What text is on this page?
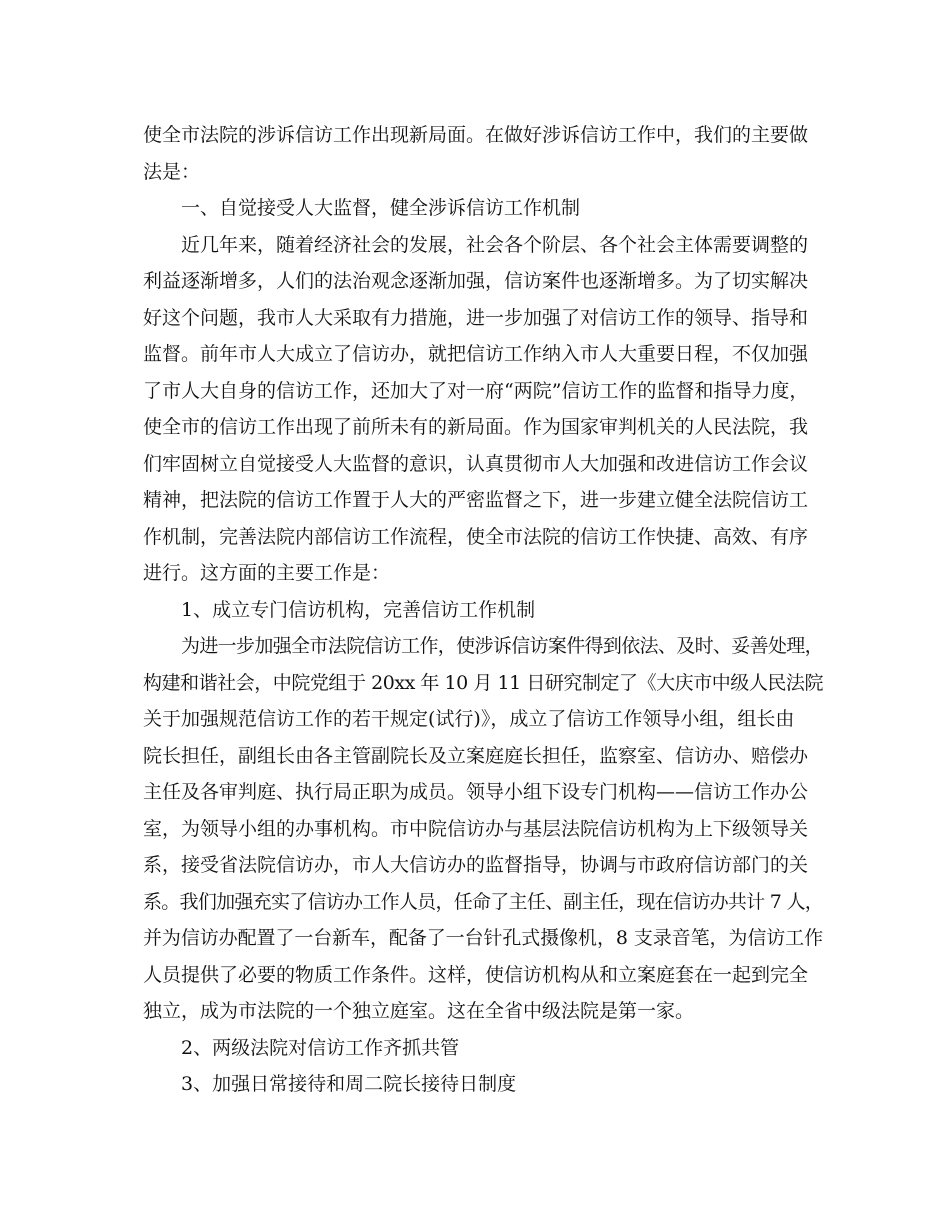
使全市法院的涉诉信访工作出现新局面。在做好涉诉信访工作中，我们的主要做
法是：
一、自觉接受人大监督，健全涉诉信访工作机制
近几年来，随着经济社会的发展，社会各个阶层、各个社会主体需要调整的
利益逐渐增多，人们的法治观念逐渐加强，信访案件也逐渐增多。为了切实解决
好这个问题，我市人大采取有力措施，进一步加强了对信访工作的领导、指导和
监督。前年市人大成立了信访办，就把信访工作纳入市人大重要日程，不仅加强
了市人大自身的信访工作，还加大了对一府“两院”信访工作的监督和指导力度，
使全市的信访工作出现了前所未有的新局面。作为国家审判机关的人民法院，我
们牢固树立自觉接受人大监督的意识，认真贯彻市人大加强和改进信访工作会议
精神，把法院的信访工作置于人大的严密监督之下，进一步建立健全法院信访工
作机制，完善法院内部信访工作流程，使全市法院的信访工作快捷、高效、有序
进行。这方面的主要工作是：
1、成立专门信访机构，完善信访工作机制
为进一步加强全市法院信访工作，使涉诉信访案件得到依法、及时、妥善处理，
构建和谐社会，中院党组于 20xx 年 10 月 11 日研究制定了《大庆市中级人民法院
关于加强规范信访工作的若干规定(试行)》，成立了信访工作领导小组，组长由
院长担任，副组长由各主管副院长及立案庭庭长担任，监察室、信访办、赔偿办
主任及各审判庭、执行局正职为成员。领导小组下设专门机构——信访工作办公
室，为领导小组的办事机构。市中院信访办与基层法院信访机构为上下级领导关
系，接受省法院信访办，市人大信访办的监督指导，协调与市政府信访部门的关
系。我们加强充实了信访办工作人员，任命了主任、副主任，现在信访办共计 7 人，
并为信访办配置了一台新车，配备了一台针孔式摄像机，8 支录音笔，为信访工作
人员提供了必要的物质工作条件。这样，使信访机构从和立案庭套在一起到完全
独立，成为市法院的一个独立庭室。这在全省中级法院是第一家。
2、两级法院对信访工作齐抓共管
3、加强日常接待和周二院长接待日制度
